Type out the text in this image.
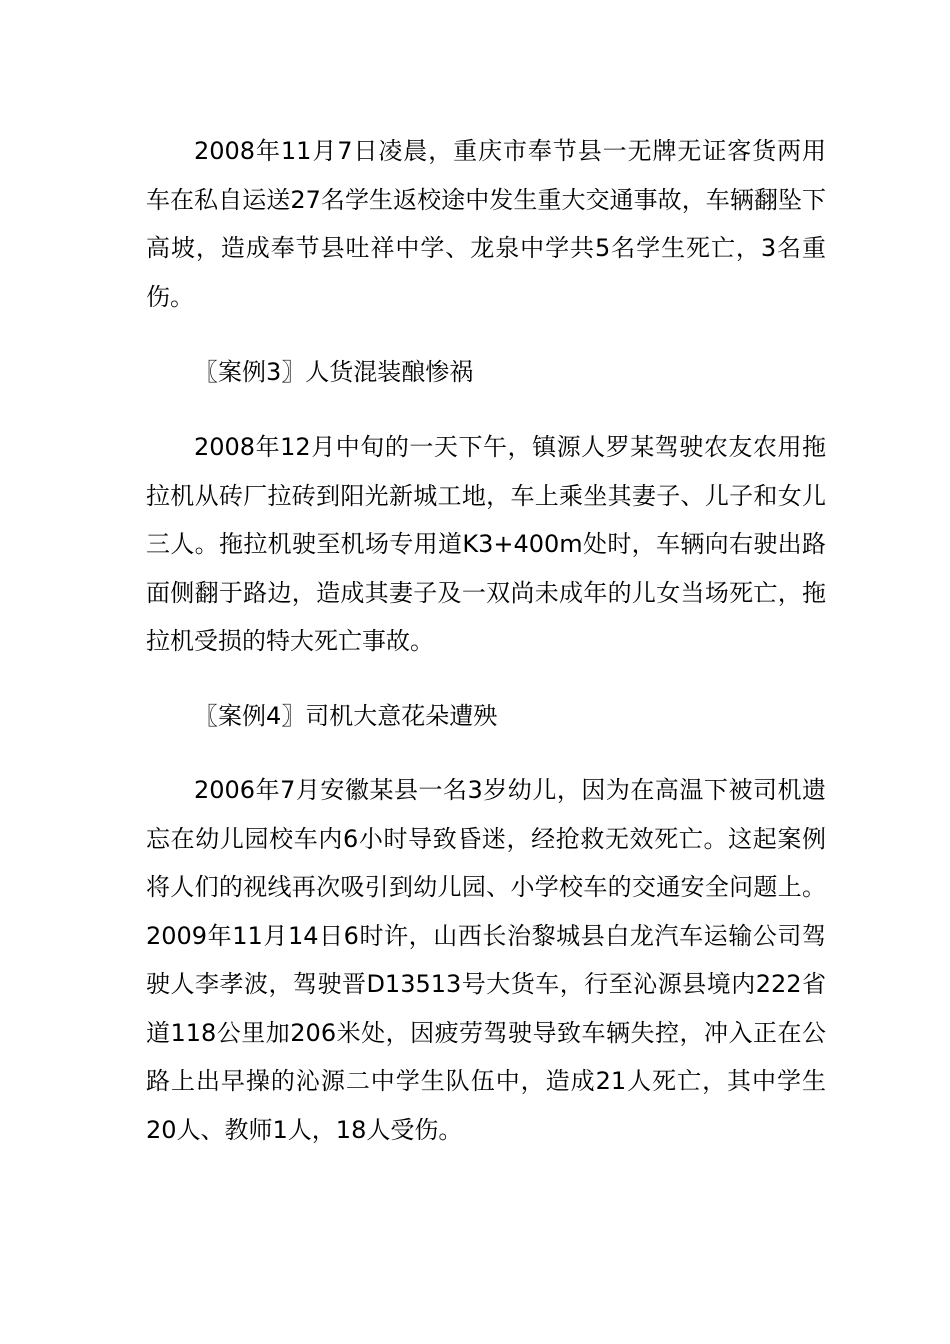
2008年11月7日凌晨，重庆市奉节县一无牌无证客货两用车在私自运送27名学生返校途中发生重大交通事故，车辆翻坠下高坡，造成奉节县吐祥中学、龙泉中学共5名学生死亡，3名重伤。

〖案例3〗人货混装酿惨祸

2008年12月中旬的一天下午，镇源人罗某驾驶农友农用拖拉机从砖厂拉砖到阳光新城工地，车上乘坐其妻子、儿子和女儿三人。拖拉机驶至机场专用道K3+400m处时，车辆向右驶出路面侧翻于路边，造成其妻子及一双尚未成年的儿女当场死亡，拖拉机受损的特大死亡事故。

〖案例4〗司机大意花朵遭殃

2006年7月安徽某县一名3岁幼儿，因为在高温下被司机遗忘在幼儿园校车内6小时导致昏迷，经抢救无效死亡。这起案例将人们的视线再次吸引到幼儿园、小学校车的交通安全问题上。2009年11月14日6时许，山西长治黎城县白龙汽车运输公司驾驶人李孝波，驾驶晋D13513号大货车，行至沁源县境内222省道118公里加206米处，因疲劳驾驶导致车辆失控，冲入正在公路上出早操的沁源二中学生队伍中，造成21人死亡，其中学生20人、教师1人，18人受伤。
